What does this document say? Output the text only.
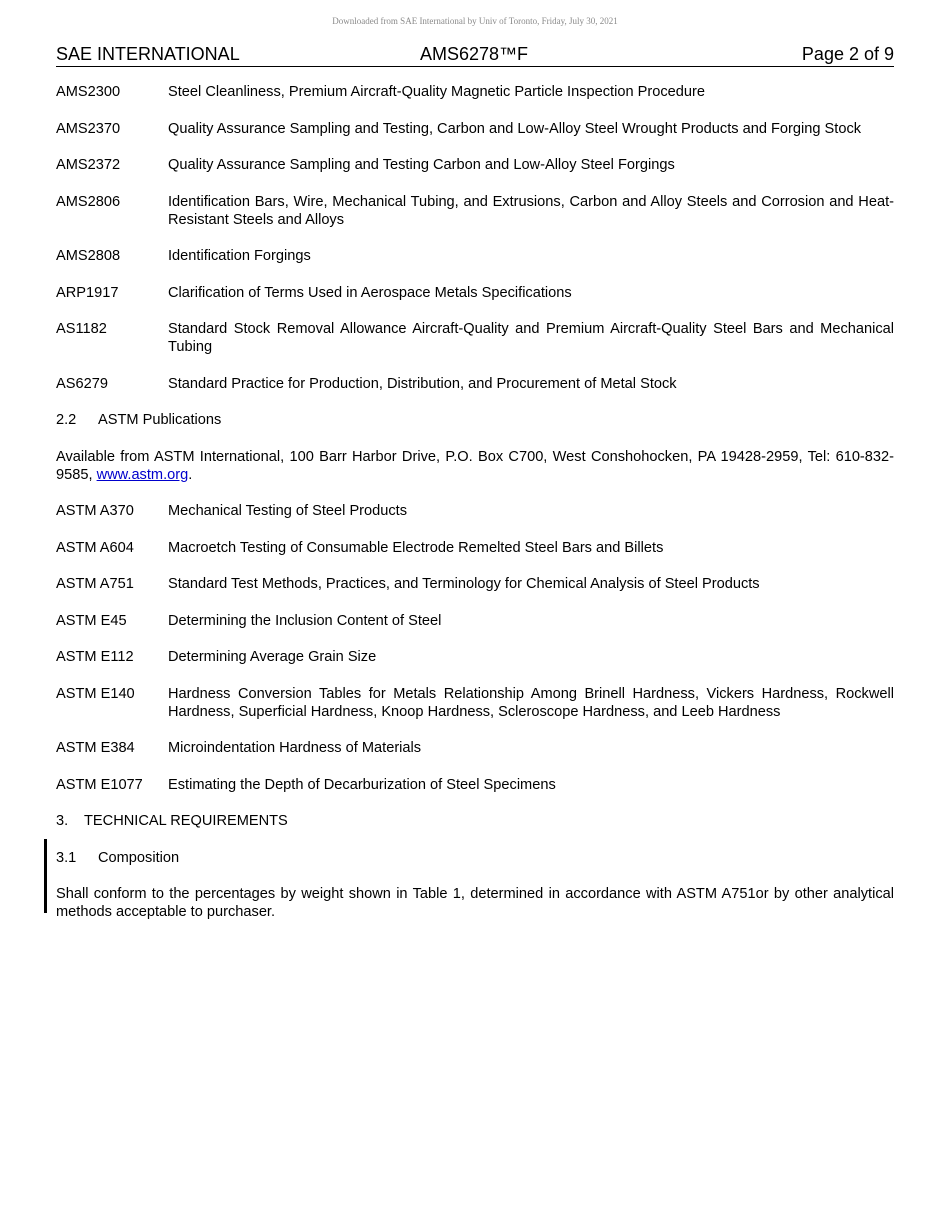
Downloaded from SAE International by Univ of Toronto, Friday, July 30, 2021
SAE INTERNATIONAL	AMS6278™F	Page 2 of 9
AMS2300	Steel Cleanliness, Premium Aircraft-Quality Magnetic Particle Inspection Procedure
AMS2370	Quality Assurance Sampling and Testing, Carbon and Low-Alloy Steel Wrought Products and Forging Stock
AMS2372	Quality Assurance Sampling and Testing Carbon and Low-Alloy Steel Forgings
AMS2806	Identification Bars, Wire, Mechanical Tubing, and Extrusions, Carbon and Alloy Steels and Corrosion and Heat-Resistant Steels and Alloys
AMS2808	Identification Forgings
ARP1917	Clarification of Terms Used in Aerospace Metals Specifications
AS1182	Standard Stock Removal Allowance Aircraft-Quality and Premium Aircraft-Quality Steel Bars and Mechanical Tubing
AS6279	Standard Practice for Production, Distribution, and Procurement of Metal Stock
2.2 ASTM Publications
Available from ASTM International, 100 Barr Harbor Drive, P.O. Box C700, West Conshohocken, PA 19428-2959, Tel: 610-832-9585, www.astm.org.
ASTM A370	Mechanical Testing of Steel Products
ASTM A604	Macroetch Testing of Consumable Electrode Remelted Steel Bars and Billets
ASTM A751	Standard Test Methods, Practices, and Terminology for Chemical Analysis of Steel Products
ASTM E45	Determining the Inclusion Content of Steel
ASTM E112	Determining Average Grain Size
ASTM E140	Hardness Conversion Tables for Metals Relationship Among Brinell Hardness, Vickers Hardness, Rockwell Hardness, Superficial Hardness, Knoop Hardness, Scleroscope Hardness, and Leeb Hardness
ASTM E384	Microindentation Hardness of Materials
ASTM E1077	Estimating the Depth of Decarburization of Steel Specimens
3. TECHNICAL REQUIREMENTS
3.1 Composition
Shall conform to the percentages by weight shown in Table 1, determined in accordance with ASTM A751or by other analytical methods acceptable to purchaser.
